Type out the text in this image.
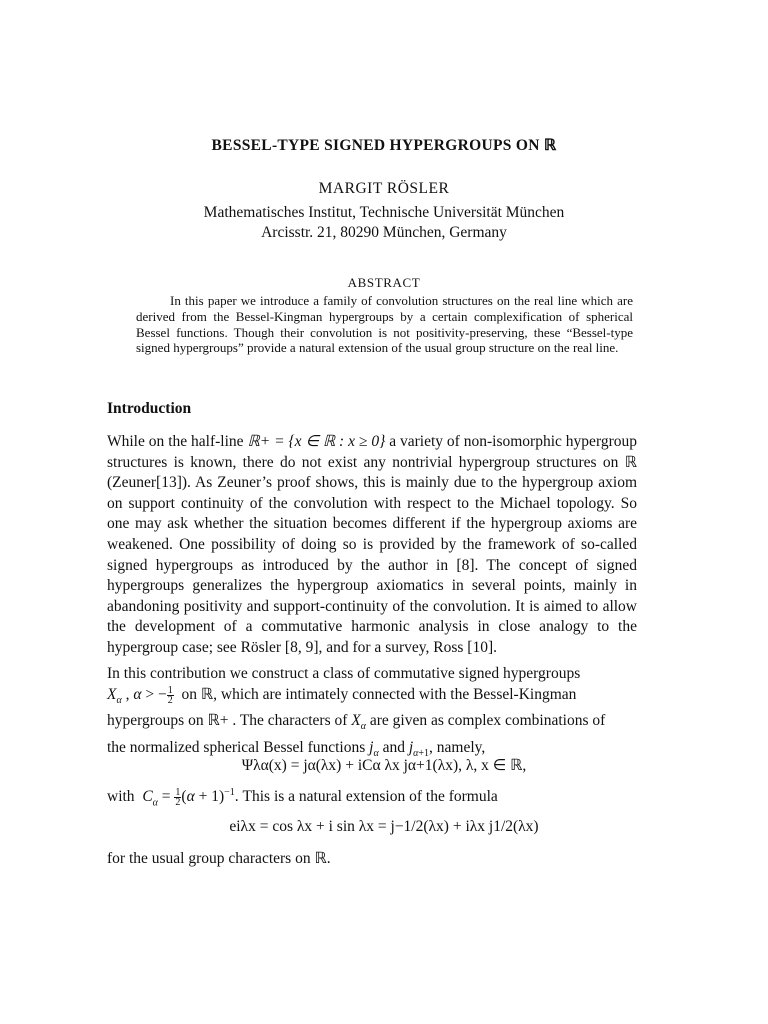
BESSEL-TYPE SIGNED HYPERGROUPS ON ℝ
MARGIT RÖSLER
Mathematisches Institut, Technische Universität München
Arcisstr. 21, 80290 München, Germany
ABSTRACT
In this paper we introduce a family of convolution structures on the real line which are derived from the Bessel-Kingman hypergroups by a certain complexification of spherical Bessel functions. Though their convolution is not positivity-preserving, these “Bessel-type signed hypergroups” provide a natural extension of the usual group structure on the real line.
Introduction
While on the half-line ℝ+ = {x ∈ ℝ : x ≥ 0} a variety of non-isomorphic hypergroup structures is known, there do not exist any nontrivial hypergroup structures on ℝ (Zeuner[13]). As Zeuner’s proof shows, this is mainly due to the hypergroup axiom on support continuity of the convolution with respect to the Michael topology. So one may ask whether the situation becomes different if the hypergroup axioms are weakened. One possibility of doing so is provided by the framework of so-called signed hypergroups as introduced by the author in [8]. The concept of signed hypergroups generalizes the hypergroup axiomatics in several points, mainly in abandoning positivity and support-continuity of the convolution. It is aimed to allow the development of a commutative harmonic analysis in close analogy to the hypergroup case; see Rösler [8, 9], and for a survey, Ross [10].
In this contribution we construct a class of commutative signed hypergroups
$X_\alpha$ , α > − $\frac{1}{2}$ on ℝ, which are intimately connected with the Bessel-Kingman
hypergroups on ℝ+ . The characters of $X_\alpha$ are given as complex combinations of
the normalized spherical Bessel functions $j_\alpha$ and $j_{\alpha+1}$, namely,
Ψλα(x) = jα(λx) + iCα λx jα+1(λx), λ, x ∈ ℝ,
with $C_\alpha = \frac{1}{2} (\alpha + 1)^{-1}$. This is a natural extension of the formula
eiλx = cos λx + i sin λx = j−1/2(λx) + iλx j1/2(λx)
for the usual group characters on ℝ.
